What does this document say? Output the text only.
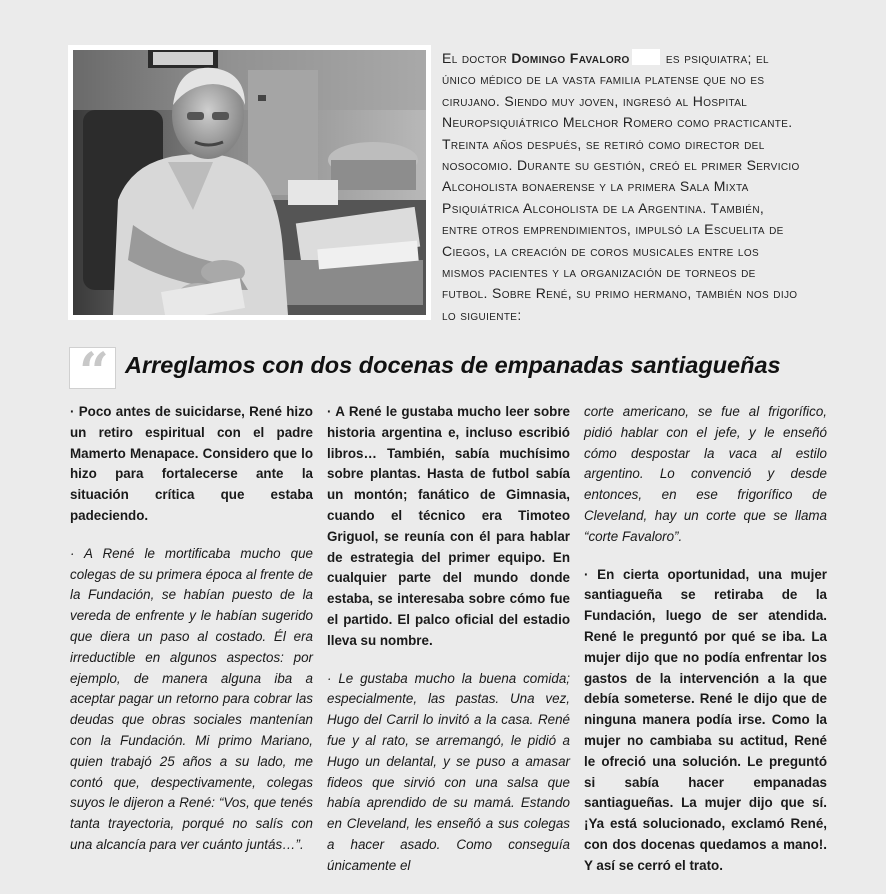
El doctor Domingo Favaloro es psiquiatra; el único médico de la vasta familia platense que no es cirujano. Siendo muy joven, ingresó al Hospital Neuropsiquiátrico Melchor Romero como practicante. Treinta años después, se retiró como director del nosocomio. Durante su gestión, creó el primer Servicio Alcoholista bonaerense y la primera Sala Mixta Psiquiátrica Alcoholista de la Argentina. También, entre otros emprendimientos, impulsó la Escuelita de Ciegos, la creación de coros musicales entre los mismos pacientes y la organización de torneos de futbol. Sobre René, su primo hermano, también nos dijo lo siguiente:
“ Arreglamos con dos docenas de empanadas santiagueñas

· Poco antes de suicidarse, René hizo un retiro espiritual con el padre Mamerto Menapace. Considero que lo hizo para fortalecerse ante la situación crítica que estaba padeciendo.

· A René le mortificaba mucho que colegas de su primera época al frente de la Fundación, se habían puesto de la vereda de enfrente y le habían sugerido que diera un paso al costado. Él era irreductible en algunos aspectos: por ejemplo, de manera alguna iba a aceptar pagar un retorno para cobrar las deudas que obras sociales mantenían con la Fundación. Mi primo Mariano, quien trabajó 25 años a su lado, me contó que, despectivamente, colegas suyos le dijeron a René: “Vos, que tenés tanta trayectoria, porqué no salís con una alcancía para ver cuánto juntás…”.

· A René le gustaba mucho leer sobre historia argentina e, incluso escribió libros… También, sabía muchísimo sobre plantas. Hasta de futbol sabía un montón; fanático de Gimnasia, cuando el técnico era Timoteo Griguol, se reunía con él para hablar de estrategia del primer equipo. En cualquier parte del mundo donde estaba, se interesaba sobre cómo fue el partido. El palco oficial del estadio lleva su nombre.

· Le gustaba mucho la buena comida; especialmente, las pastas. Una vez, Hugo del Carril lo invitó a la casa. René fue y al rato, se arremangó, le pidió a Hugo un delantal, y se puso a amasar fideos que sirvió con una salsa que había aprendido de su mamá. Estando en Cleveland, les enseñó a sus colegas a hacer asado. Como conseguía únicamente el

corte americano, se fue al frigorífico, pidió hablar con el jefe, y le enseñó cómo despostar la vaca al estilo argentino. Lo convenció y desde entonces, en ese frigorífico de Cleveland, hay un corte que se llama “corte Favaloro”.

· En cierta oportunidad, una mujer santiagueña se retiraba de la Fundación, luego de ser atendida. René le preguntó por qué se iba. La mujer dijo que no podía enfrentar los gastos de la intervención a la que debía someterse. René le dijo que de ninguna manera podía irse. Como la mujer no cambiaba su actitud, René le ofreció una solución. Le preguntó si sabía hacer empanadas santiagueñas. La mujer dijo que sí. ¡Ya está solucionado, exclamó René, con dos docenas quedamos a mano!. Y así se cerró el trato.
